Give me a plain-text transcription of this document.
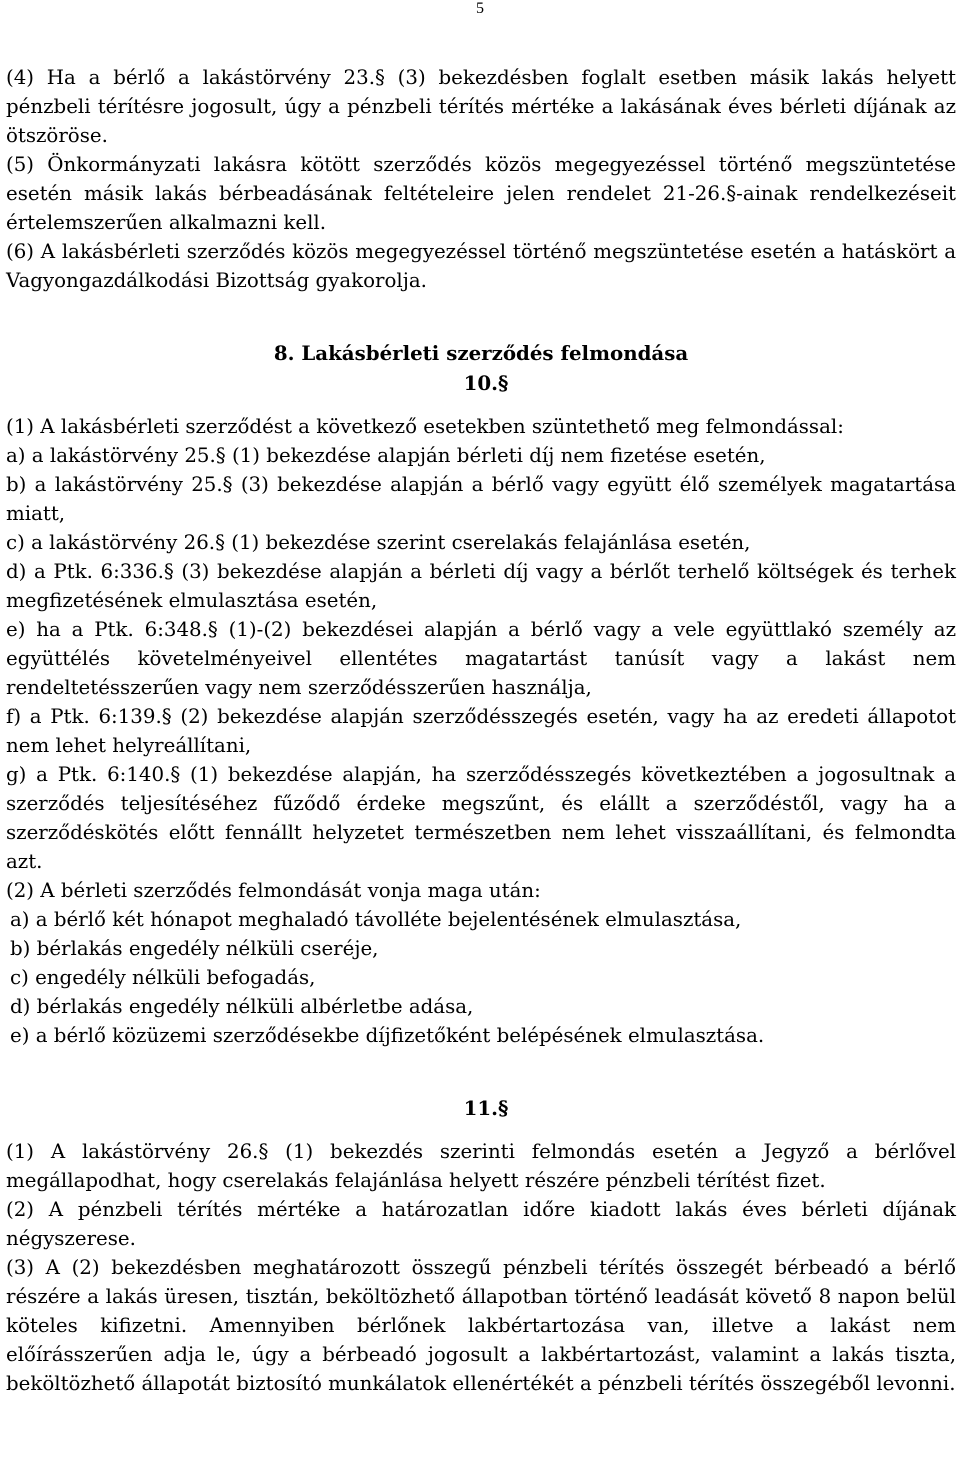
5

(4) Ha a bérlő a lakástörvény 23.§ (3) bekezdésben foglalt esetben másik lakás helyett pénzbeli térítésre jogosult, úgy a pénzbeli térítés mértéke a lakásának éves bérleti díjának az ötszöröse.

(5) Önkormányzati lakásra kötött szerződés közös megegyezéssel történő megszüntetése esetén másik lakás bérbeadásának feltételeire jelen rendelet 21-26.§-ainak rendelkezéseit értelemszerűen alkalmazni kell.

(6) A lakásbérleti szerződés közös megegyezéssel történő megszüntetése esetén a hatáskört a Vagyongazdálkodási Bizottság gyakorolja.

8. Lakásbérleti szerződés felmondása
10.§

(1) A lakásbérleti szerződést a következő esetekben szüntethető meg felmondással:

a) a lakástörvény 25.§ (1) bekezdése alapján bérleti díj nem fizetése esetén,

b) a lakástörvény 25.§ (3) bekezdése alapján a bérlő vagy együtt élő személyek magatartása miatt,

c) a lakástörvény 26.§ (1) bekezdése szerint cserelakás felajánlása esetén,

d) a Ptk. 6:336.§ (3) bekezdése alapján a bérleti díj vagy a bérlőt terhelő költségek és terhek megfizetésének elmulasztása esetén,

e) ha a Ptk. 6:348.§ (1)-(2) bekezdései alapján a bérlő vagy a vele együttlakó személy az együttélés követelményeivel ellentétes magatartást tanúsít vagy a lakást nem rendeltetésszerűen vagy nem szerződésszerűen használja,

f) a Ptk. 6:139.§ (2) bekezdése alapján szerződésszegés esetén, vagy ha az eredeti állapotot nem lehet helyreállítani,

g) a Ptk. 6:140.§ (1) bekezdése alapján, ha szerződésszegés következtében a jogosultnak a szerződés teljesítéséhez fűződő érdeke megszűnt, és elállt a szerződéstől, vagy ha a szerződéskötés előtt fennállt helyzetet természetben nem lehet visszaállítani, és felmondta azt.

(2) A bérleti szerződés felmondását vonja maga után:

a) a bérlő két hónapot meghaladó távolléte bejelentésének elmulasztása,

b) bérlakás engedély nélküli cseréje,

c) engedély nélküli befogadás,

d) bérlakás engedély nélküli albérletbe adása,

e) a bérlő közüzemi szerződésekbe díjfizetőként belépésének elmulasztása.

11.§

(1) A lakástörvény 26.§ (1) bekezdés szerinti felmondás esetén a Jegyző a bérlővel megállapodhat, hogy cserelakás felajánlása helyett részére pénzbeli térítést fizet.

(2) A pénzbeli térítés mértéke a határozatlan időre kiadott lakás éves bérleti díjának négyszerese.

(3) A (2) bekezdésben meghatározott összegű pénzbeli térítés összegét bérbeadó a bérlő részére a lakás üresen, tisztán, beköltözhető állapotban történő leadását követő 8 napon belül köteles kifizetni. Amennyiben bérlőnek lakbértartozása van, illetve a lakást nem előírásszerűen adja le, úgy a bérbeadó jogosult a lakbértartozást, valamint a lakás tiszta, beköltözhető állapotát biztosító munkálatok ellenértékét a pénzbeli térítés összegéből levonni.
